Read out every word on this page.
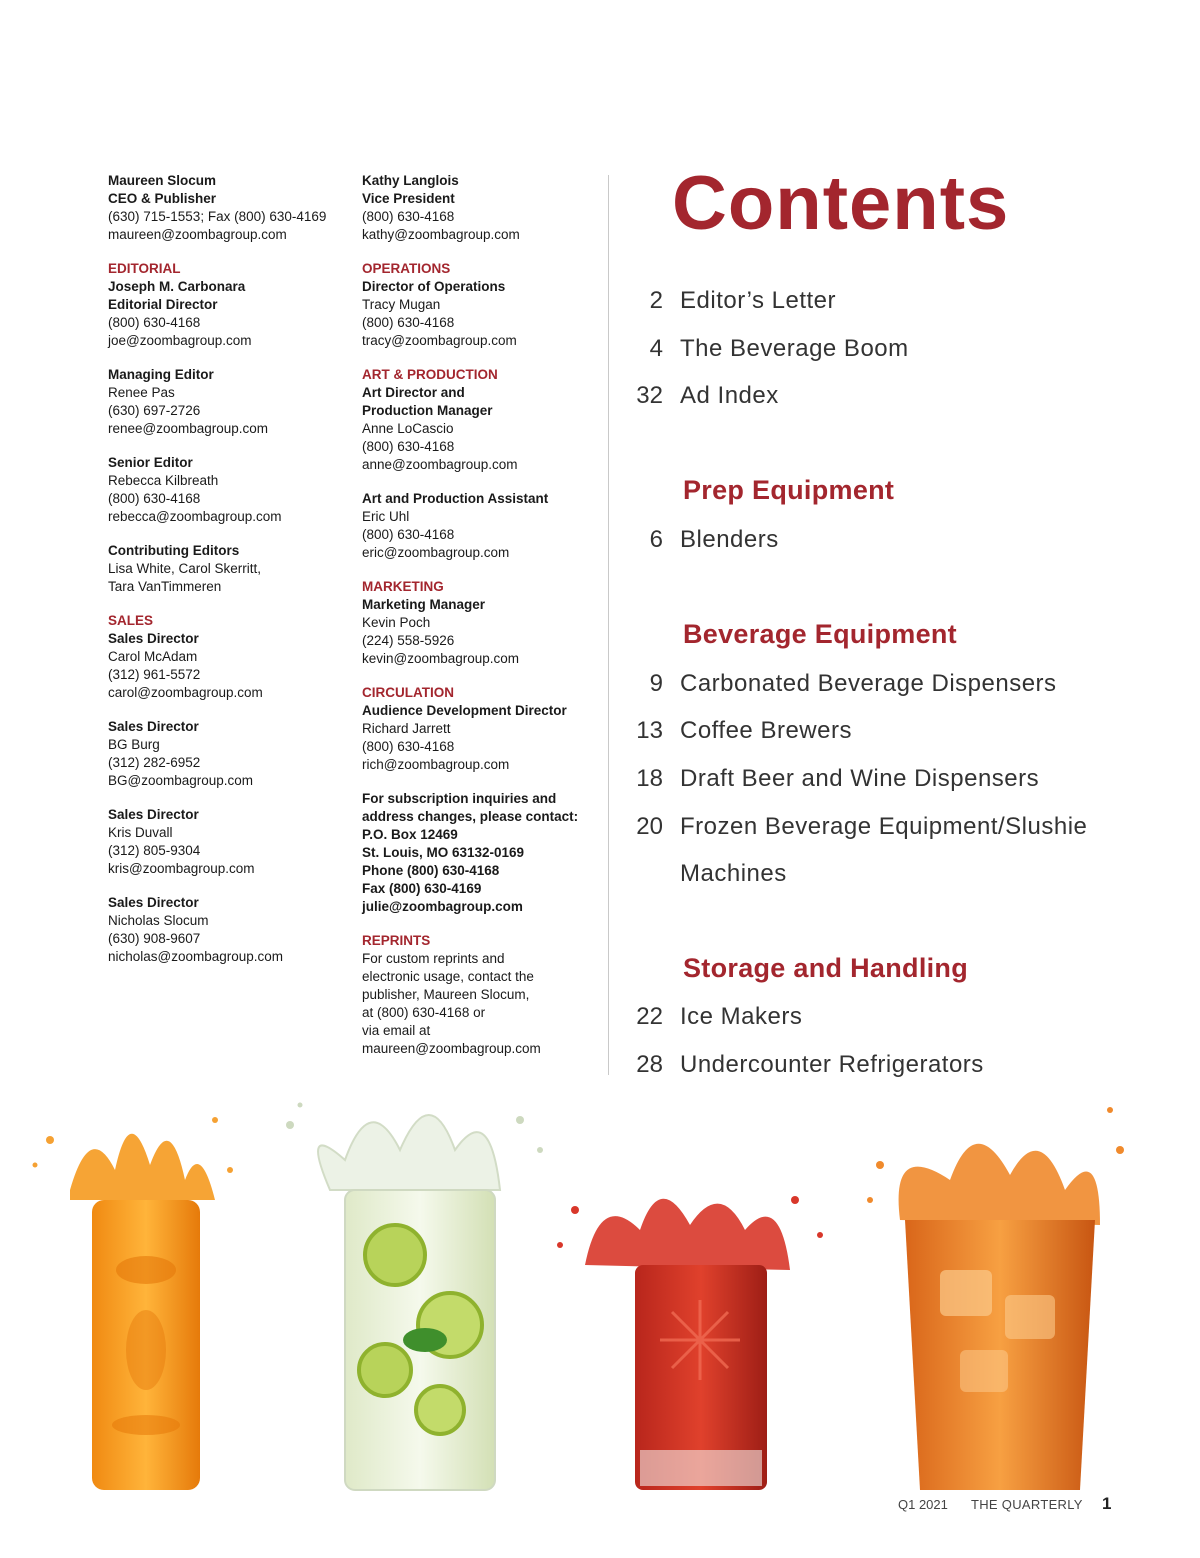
Maureen Slocum
CEO & Publisher
(630) 715-1553; Fax (800) 630-4169
maureen@zoombagroup.com
EDITORIAL
Joseph M. Carbonara
Editorial Director
(800) 630-4168
joe@zoombagroup.com
Managing Editor
Renee Pas
(630) 697-2726
renee@zoombagroup.com
Senior Editor
Rebecca Kilbreath
(800) 630-4168
rebecca@zoombagroup.com
Contributing Editors
Lisa White, Carol Skerritt,
Tara VanTimmeren
SALES
Sales Director
Carol McAdam
(312) 961-5572
carol@zoombagroup.com
Sales Director
BG Burg
(312) 282-6952
BG@zoombagroup.com
Sales Director
Kris Duvall
(312) 805-9304
kris@zoombagroup.com
Sales Director
Nicholas Slocum
(630) 908-9607
nicholas@zoombagroup.com
Kathy Langlois
Vice President
(800) 630-4168
kathy@zoombagroup.com
OPERATIONS
Director of Operations
Tracy Mugan
(800) 630-4168
tracy@zoombagroup.com
ART & PRODUCTION
Art Director and
Production Manager
Anne LoCascio
(800) 630-4168
anne@zoombagroup.com
Art and Production Assistant
Eric Uhl
(800) 630-4168
eric@zoombagroup.com
MARKETING
Marketing Manager
Kevin Poch
(224) 558-5926
kevin@zoombagroup.com
CIRCULATION
Audience Development Director
Richard Jarrett
(800) 630-4168
rich@zoombagroup.com
For subscription inquiries and
address changes, please contact:
P.O. Box 12469
St. Louis, MO 63132-0169
Phone (800) 630-4168
Fax (800) 630-4169
julie@zoombagroup.com
REPRINTS
For custom reprints and
electronic usage, contact the
publisher, Maureen Slocum,
at (800) 630-4168 or
via email at
maureen@zoombagroup.com
Contents
2 Editor’s Letter
4 The Beverage Boom
32 Ad Index
Prep Equipment
6 Blenders
Beverage Equipment
9 Carbonated Beverage Dispensers
13 Coffee Brewers
18 Draft Beer and Wine Dispensers
20 Frozen Beverage Equipment/Slushie
Machines
Storage and Handling
22 Ice Makers
28 Undercounter Refrigerators
Q1 2021 THE QUARTERLY 1
